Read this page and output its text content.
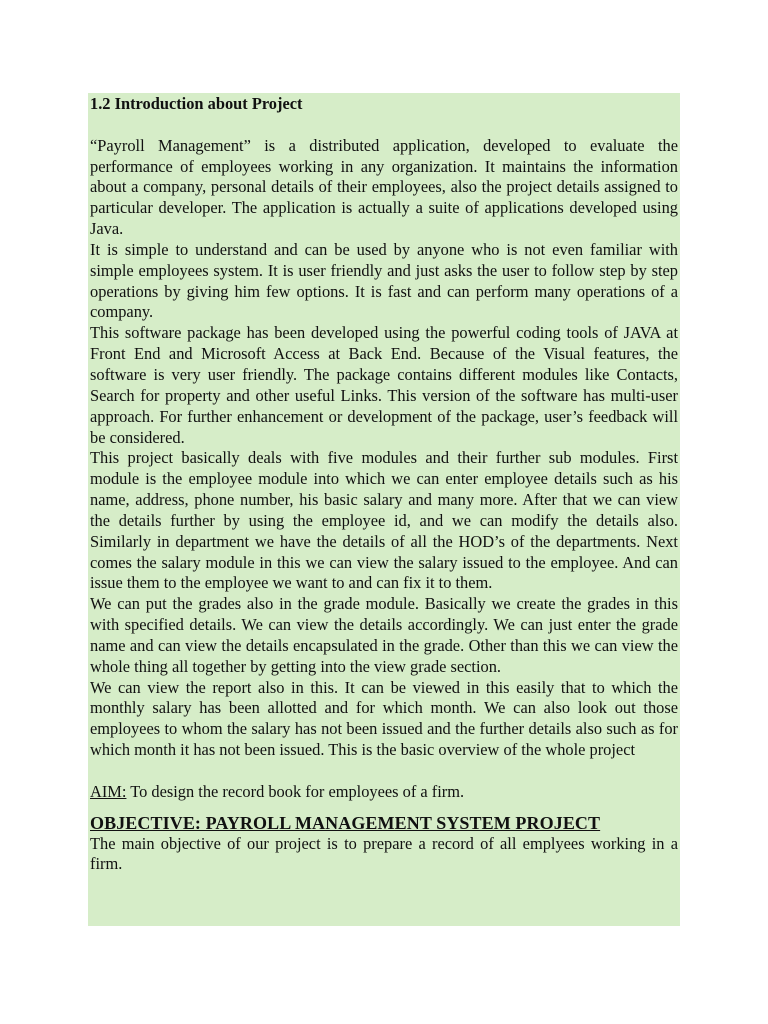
1.2 Introduction about Project

“Payroll Management” is a distributed application, developed to evaluate the performance of employees working in any organization. It maintains the information about a company, personal details of their employees, also the project details assigned to particular developer. The application is actually a suite of applications developed using Java.

It is simple to understand and can be used by anyone who is not even familiar with simple employees system. It is user friendly and just asks the user to follow step by step operations by giving him few options. It is fast and can perform many operations of a company.

This software package has been developed using the powerful coding tools of JAVA at Front End and Microsoft Access at Back End. Because of the Visual features, the software is very user friendly. The package contains different modules like Contacts, Search for property and other useful Links. This version of the software has multi-user approach. For further enhancement or development of the package, user’s feedback will be considered.

This project basically deals with five modules and their further sub modules. First module is the employee module into which we can enter employee details such as his name, address, phone number, his basic salary and many more. After that we can view the details further by using the employee id, and we can modify the details also. Similarly in department we have the details of all the HOD’s of the departments. Next comes the salary module in this we can view the salary issued to the employee. And can issue them to the employee we want to and can fix it to them.

We can put the grades also in the grade module. Basically we create the grades in this with specified details. We can view the details accordingly. We can just enter the grade name and can view the details encapsulated in the grade. Other than this we can view the whole thing all together by getting into the view grade section.

We can view the report also in this. It can be viewed in this easily that to which the monthly salary has been allotted and for which month. We can also look out those employees to whom the salary has not been issued and the further details also such as for which month it has not been issued. This is the basic overview of the whole project

AIM: To design the record book for employees of a firm.

OBJECTIVE: PAYROLL MANAGEMENT SYSTEM PROJECT

The main objective of our project is to prepare a record of all emplyees working in a firm.
